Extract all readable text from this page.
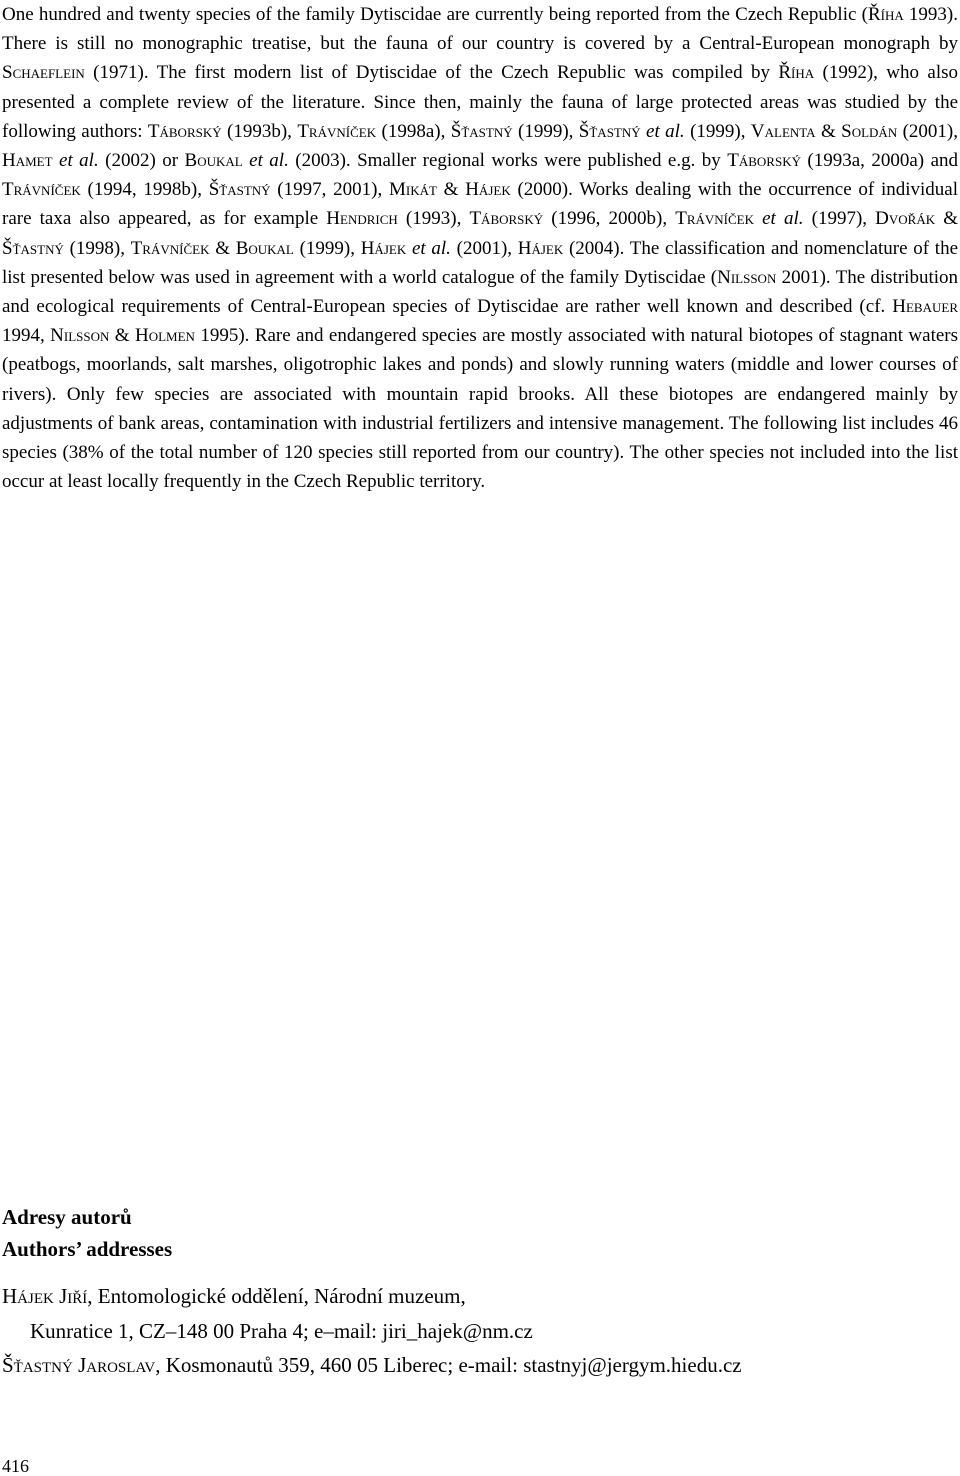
One hundred and twenty species of the family Dytiscidae are currently being reported from the Czech Republic (Říha 1993). There is still no monographic treatise, but the fauna of our country is covered by a Central-European monograph by Schaeflein (1971). The first modern list of Dytiscidae of the Czech Republic was compiled by Říha (1992), who also presented a complete review of the literature. Since then, mainly the fauna of large protected areas was studied by the following authors: Táborský (1993b), Trávníček (1998a), Šťastný (1999), Šťastný et al. (1999), Valenta & Soldán (2001), Hamet et al. (2002) or Boukal et al. (2003). Smaller regional works were published e.g. by Táborský (1993a, 2000a) and Trávníček (1994, 1998b), Šťastný (1997, 2001), Mikát & Hájek (2000). Works dealing with the occurrence of individual rare taxa also appeared, as for example Hendrich (1993), Táborský (1996, 2000b), Trávníček et al. (1997), Dvořák & Šťastný (1998), Trávníček & Boukal (1999), Hájek et al. (2001), Hájek (2004). The classification and nomenclature of the list presented below was used in agreement with a world catalogue of the family Dytiscidae (Nilsson 2001). The distribution and ecological requirements of Central-European species of Dytiscidae are rather well known and described (cf. Hebauer 1994, Nilsson & Holmen 1995). Rare and endangered species are mostly associated with natural biotopes of stagnant waters (peatbogs, moorlands, salt marshes, oligotrophic lakes and ponds) and slowly running waters (middle and lower courses of rivers). Only few species are associated with mountain rapid brooks. All these biotopes are endangered mainly by adjustments of bank areas, contamination with industrial fertilizers and intensive management. The following list includes 46 species (38% of the total number of 120 species still reported from our country). The other species not included into the list occur at least locally frequently in the Czech Republic territory.

Adresy autorů
Authors’ addresses
Hájek Jiří, Entomologické oddělení, Národní muzeum,
Kunratice 1, CZ–148 00 Praha 4; e–mail: jiri_hajek@nm.cz
Šťastný Jaroslav, Kosmonautů 359, 460 05 Liberec; e-mail: stastnyj@jergym.hiedu.cz
416
